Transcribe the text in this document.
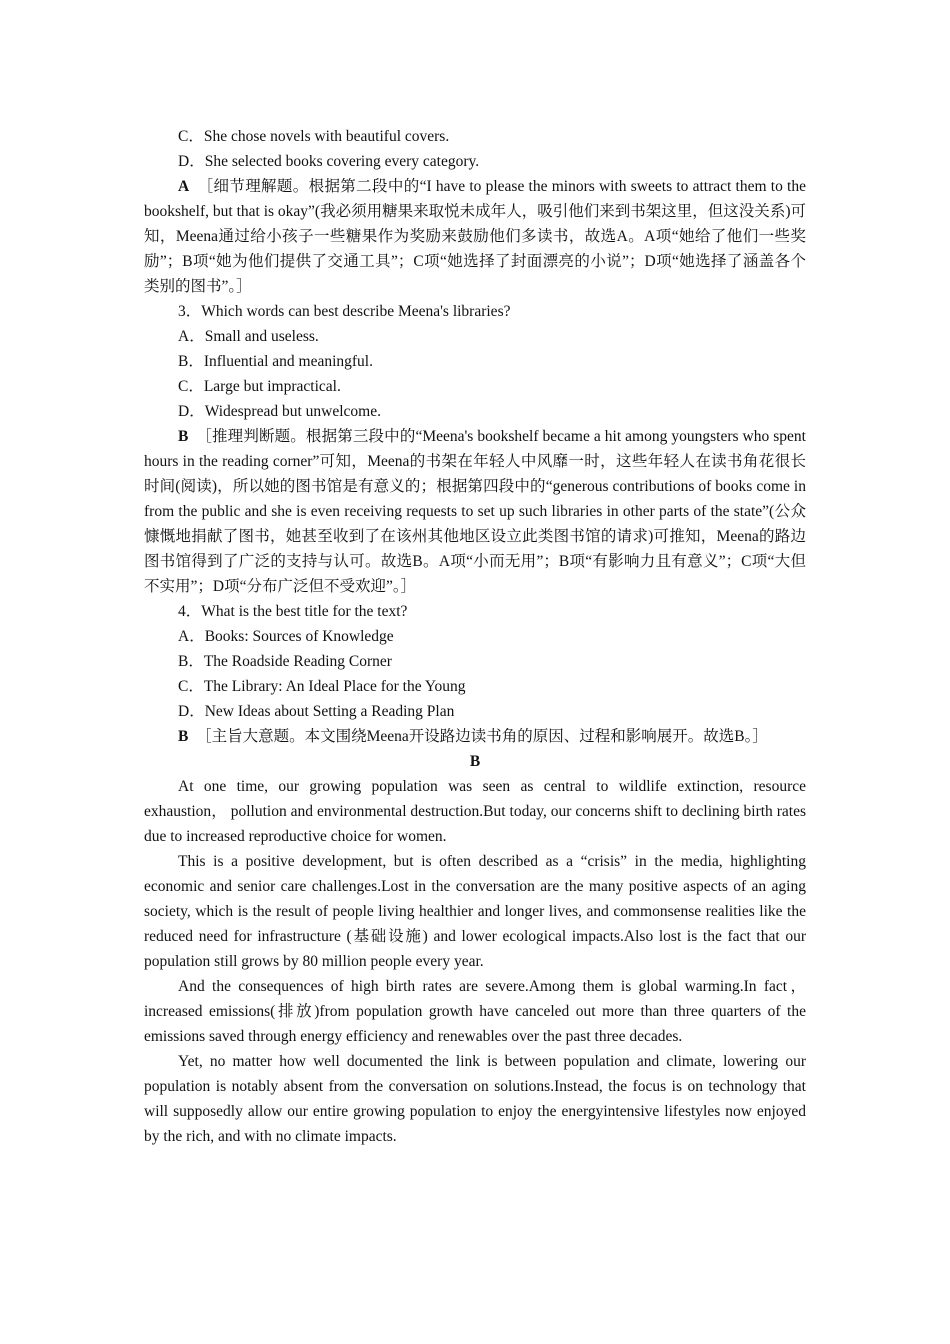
C．She chose novels with beautiful covers.

D．She selected books covering every category.

A　 ［细节理解题。根据第二段中的“I have to please the minors with sweets to attract them to the bookshelf, but that is okay”(我必须用糖果来取悦未成年人，吸引他们来到书架这里，但这没关系)可知，Meena通过给小孩子一些糖果作为奖励来鼓励他们多读书，故选A。A项“她给了他们一些奖励”；B项“她为他们提供了交通工具”；C项“她选择了封面漂亮的小说”；D项“她选择了涵盖各个类别的图书”。］

3．Which words can best describe Meena's libraries?

A．Small and useless.

B．Influential and meaningful.

C．Large but impractical.

D．Widespread but unwelcome.

B　 ［推理判断题。根据第三段中的“Meena's bookshelf became a hit among youngsters who spent hours in the reading corner”可知，Meena的书架在年轻人中风靡一时，这些年轻人在读书角花很长时间(阅读)，所以她的图书馆是有意义的；根据第四段中的“generous contributions of books come in from the public and she is even receiving requests to set up such libraries in other parts of the state”(公众慷慨地捐献了图书，她甚至收到了在该州其他地区设立此类图书馆的请求)可推知，Meena的路边图书馆得到了广泛的支持与认可。故选B。A项“小而无用”；B项“有影响力且有意义”；C项“大但不实用”；D项“分布广泛但不受欢迎”。］

4．What is the best title for the text?

A．Books: Sources of Knowledge

B．The Roadside Reading Corner

C．The Library: An Ideal Place for the Young

D．New Ideas about Setting a Reading Plan

B　 ［主旨大意题。本文围绕Meena开设路边读书角的原因、过程和影响展开。故选B。］

B

At one time, our growing population was seen as central to wildlife extinction, resource exhaustion， pollution and environmental destruction.But today, our concerns shift to declining birth rates due to increased reproductive choice for women.

This is a positive development, but is often described as a “crisis” in the media, highlighting economic and senior care challenges.Lost in the conversation are the many positive aspects of an aging society, which is the result of people living healthier and longer lives, and commonsense realities like the reduced need for infrastructure (基础设施) and lower ecological impacts.Also lost is the fact that our population still grows by 80 million people every year.

And the consequences of high birth rates are severe.Among them is global warming.In fact， increased emissions(排放)from population growth have canceled out more than three quarters of the emissions saved through energy efficiency and renewables over the past three decades.

Yet, no matter how well documented the link is between population and climate, lowering our population is notably absent from the conversation on solutions.Instead, the focus is on technology that will supposedly allow our entire growing population to enjoy the energyintensive lifestyles now enjoyed by the rich, and with no climate impacts.
